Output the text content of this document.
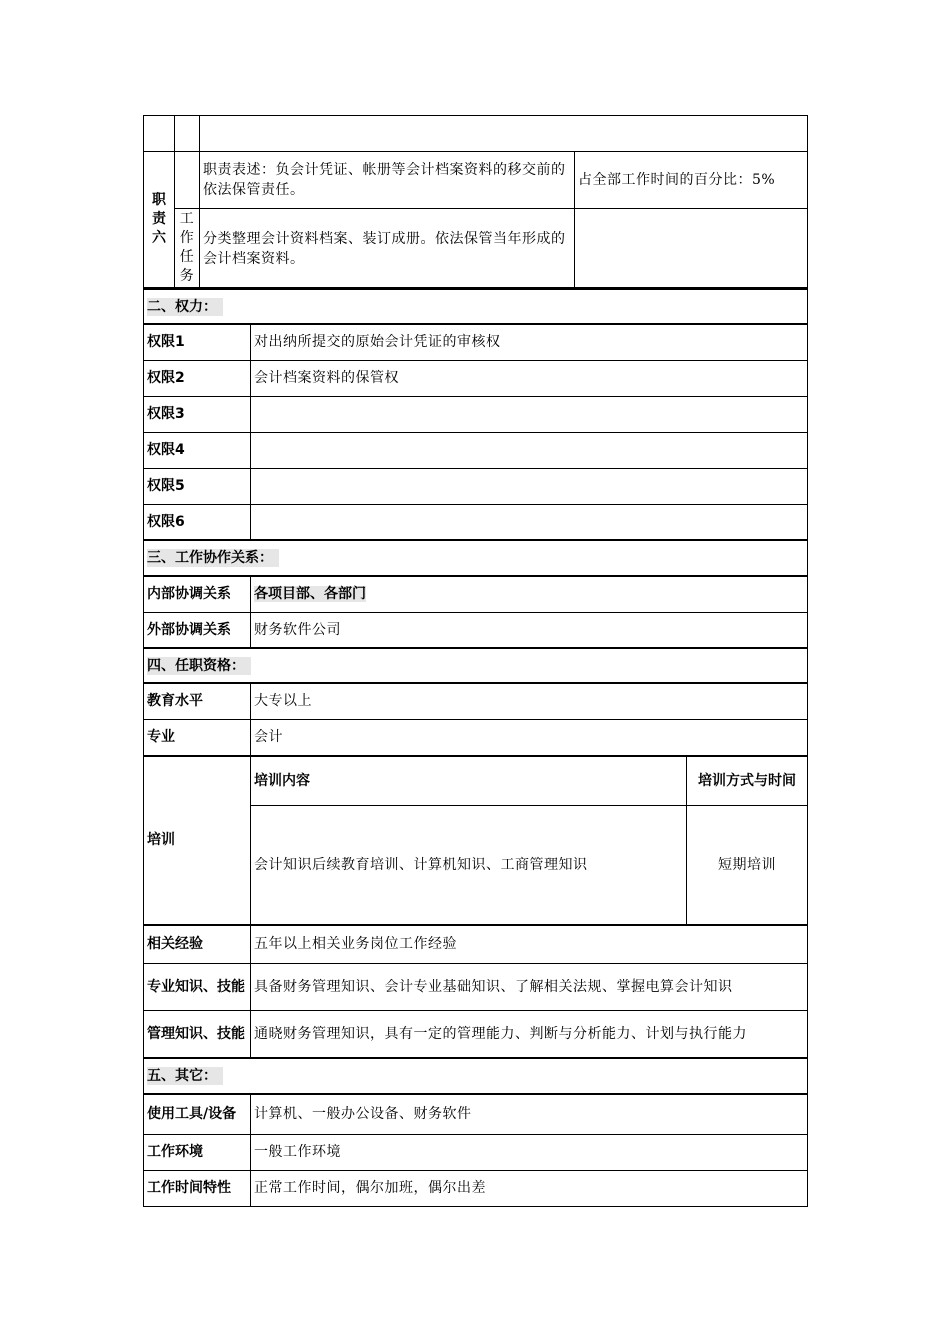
职责六		职责表述：负会计凭证、帐册等会计档案资料的移交前的依法保管责任。	占全部工作时间的百分比：5%

	工作任务	分类整理会计资料档案、装订成册。依法保管当年形成的会计档案资料。	
二、权力：	
权限1	对出纳所提交的原始会计凭证的审核权
权限2	会计档案资料的保管权
权限3	
权限4	
权限5	
权限6	
三、工作协作关系：	
内部协调关系	各项目部、各部门
外部协调关系	财务软件公司
四、任职资格：	
教育水平	大专以上
专业	会计
培训	培训内容	培训方式与时间
	会计知识后续教育培训、计算机知识、工商管理知识	短期培训
相关经验	五年以上相关业务岗位工作经验
专业知识、技能	具备财务管理知识、会计专业基础知识、了解相关法规、掌握电算会计知识
管理知识、技能	通晓财务管理知识，具有一定的管理能力、判断与分析能力、计划与执行能力
五、其它：	
使用工具/设备	计算机、一般办公设备、财务软件
工作环境	一般工作环境
工作时间特性	正常工作时间，偶尔加班，偶尔出差
